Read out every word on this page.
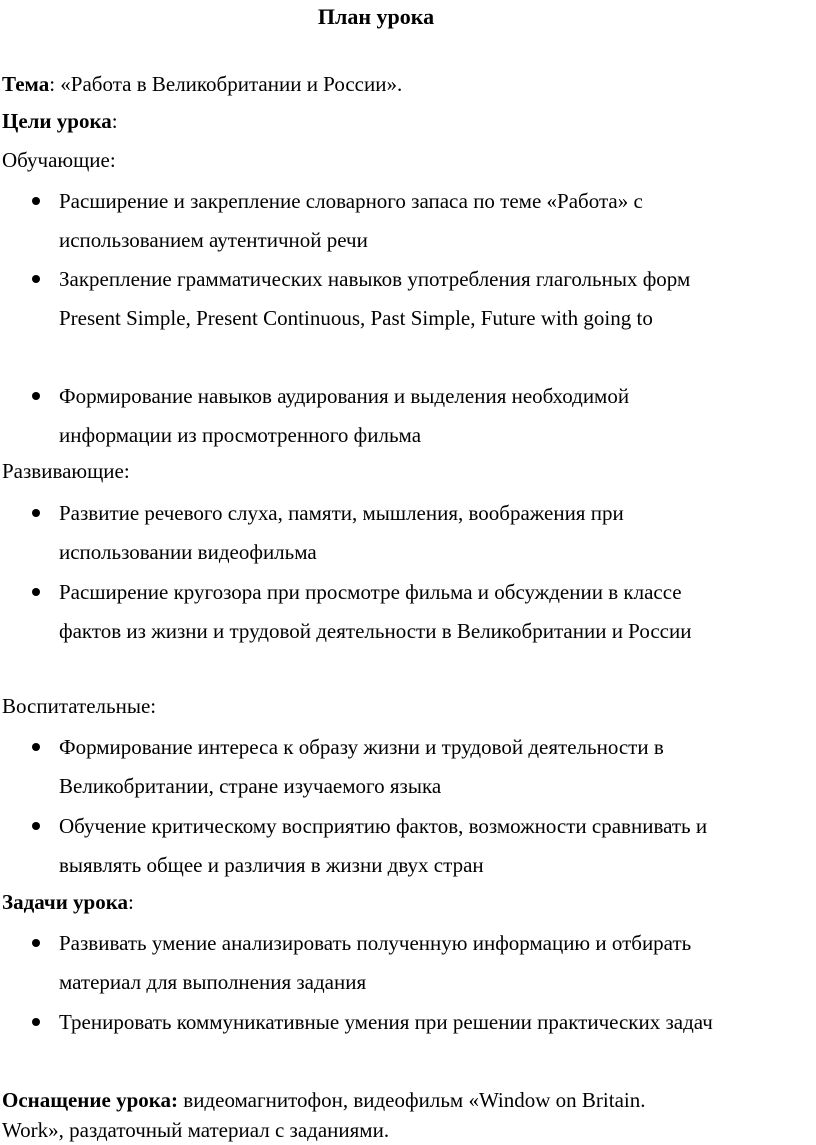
План урока
Тема: «Работа в Великобритании и России».
Цели урока:
Обучающие:
Расширение и закрепление словарного запаса по теме «Работа» с использованием аутентичной речи
Закрепление грамматических навыков употребления глагольных форм Present Simple, Present Continuous, Past Simple, Future with going to
Формирование навыков аудирования и выделения необходимой информации из просмотренного фильма
Развивающие:
Развитие речевого слуха, памяти, мышления, воображения при использовании видеофильма
Расширение кругозора при просмотре фильма и обсуждении в классе фактов из жизни и трудовой деятельности в Великобритании и России
Воспитательные:
Формирование интереса к образу жизни и трудовой деятельности в Великобритании, стране изучаемого языка
Обучение критическому восприятию фактов, возможности сравнивать и выявлять общее и различия в жизни двух стран
Задачи урока:
Развивать умение анализировать полученную информацию и отбирать материал для выполнения задания
Тренировать коммуникативные умения при решении практических задач
Оснащение урока: видеомагнитофон, видеофильм «Window on Britain. Work», раздаточный материал с заданиями.
